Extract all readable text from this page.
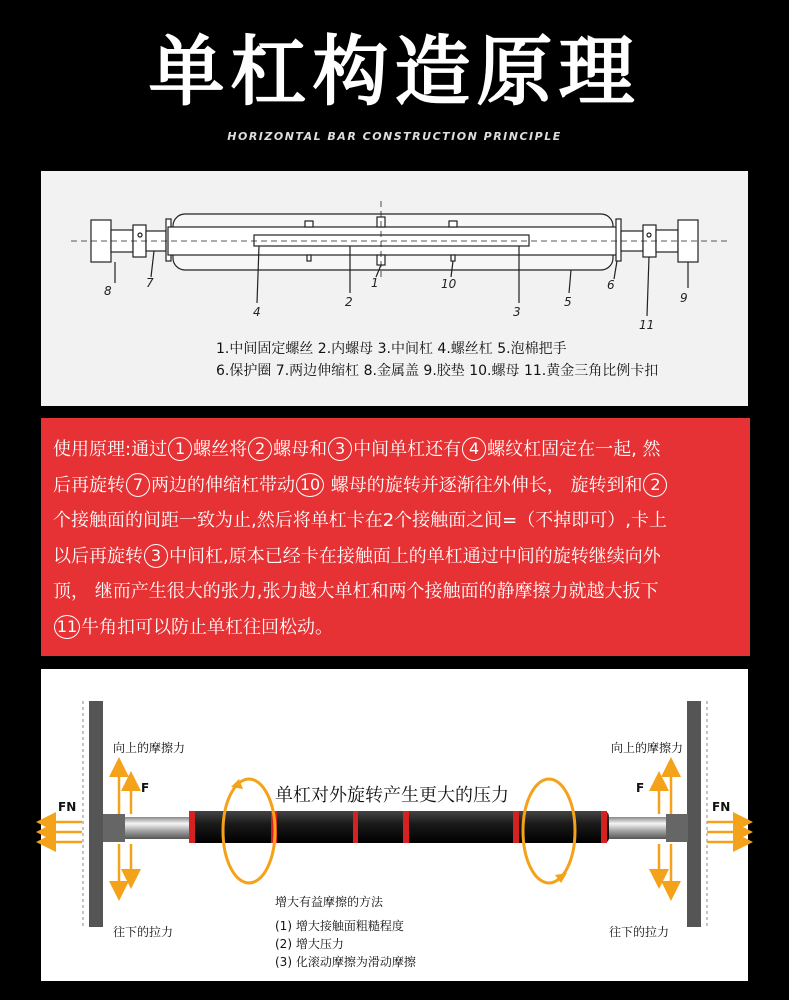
单杠构造原理
HORIZONTAL BAR CONSTRUCTION PRINCIPLE
8
7
4
2
1	10
3
5
6
9
11
1.中间固定螺丝 2.内螺母 3.中间杠 4.螺丝杠 5.泡棉把手
6.保护圈 7.两边伸缩杠 8.金属盖 9.胶垫 10.螺母 11.黄金三角比例卡扣
使用原理:通过 1 螺丝将 2 螺母和 3 中间单杠还有 4 螺纹杠固定在一起, 然
后再旋转 7 两边的伸缩杠带动 10 螺母的旋转并逐渐往外伸长， 旋转到和 2
个接触面的间距一致为止,然后将单杠卡在2个接触面之间=（不掉即可）,卡上
以后再旋转 3 中间杠,原本已经卡在接触面上的单杠通过中间的旋转继续向外
顶， 继而产生很大的张力,张力越大单杠和两个接触面的静摩擦力就越大扳下
11 牛角扣可以防止单杠往回松动。
向上的摩擦力	向上的摩擦力
往下的拉力	往下的拉力
F	F
单杠对外旋转产生更大的压力
增大有益摩擦的方法
(1) 增大接触面粗糙程度
(2) 增大压力
(3) 化滚动摩擦为滑动摩擦
FN	FN
